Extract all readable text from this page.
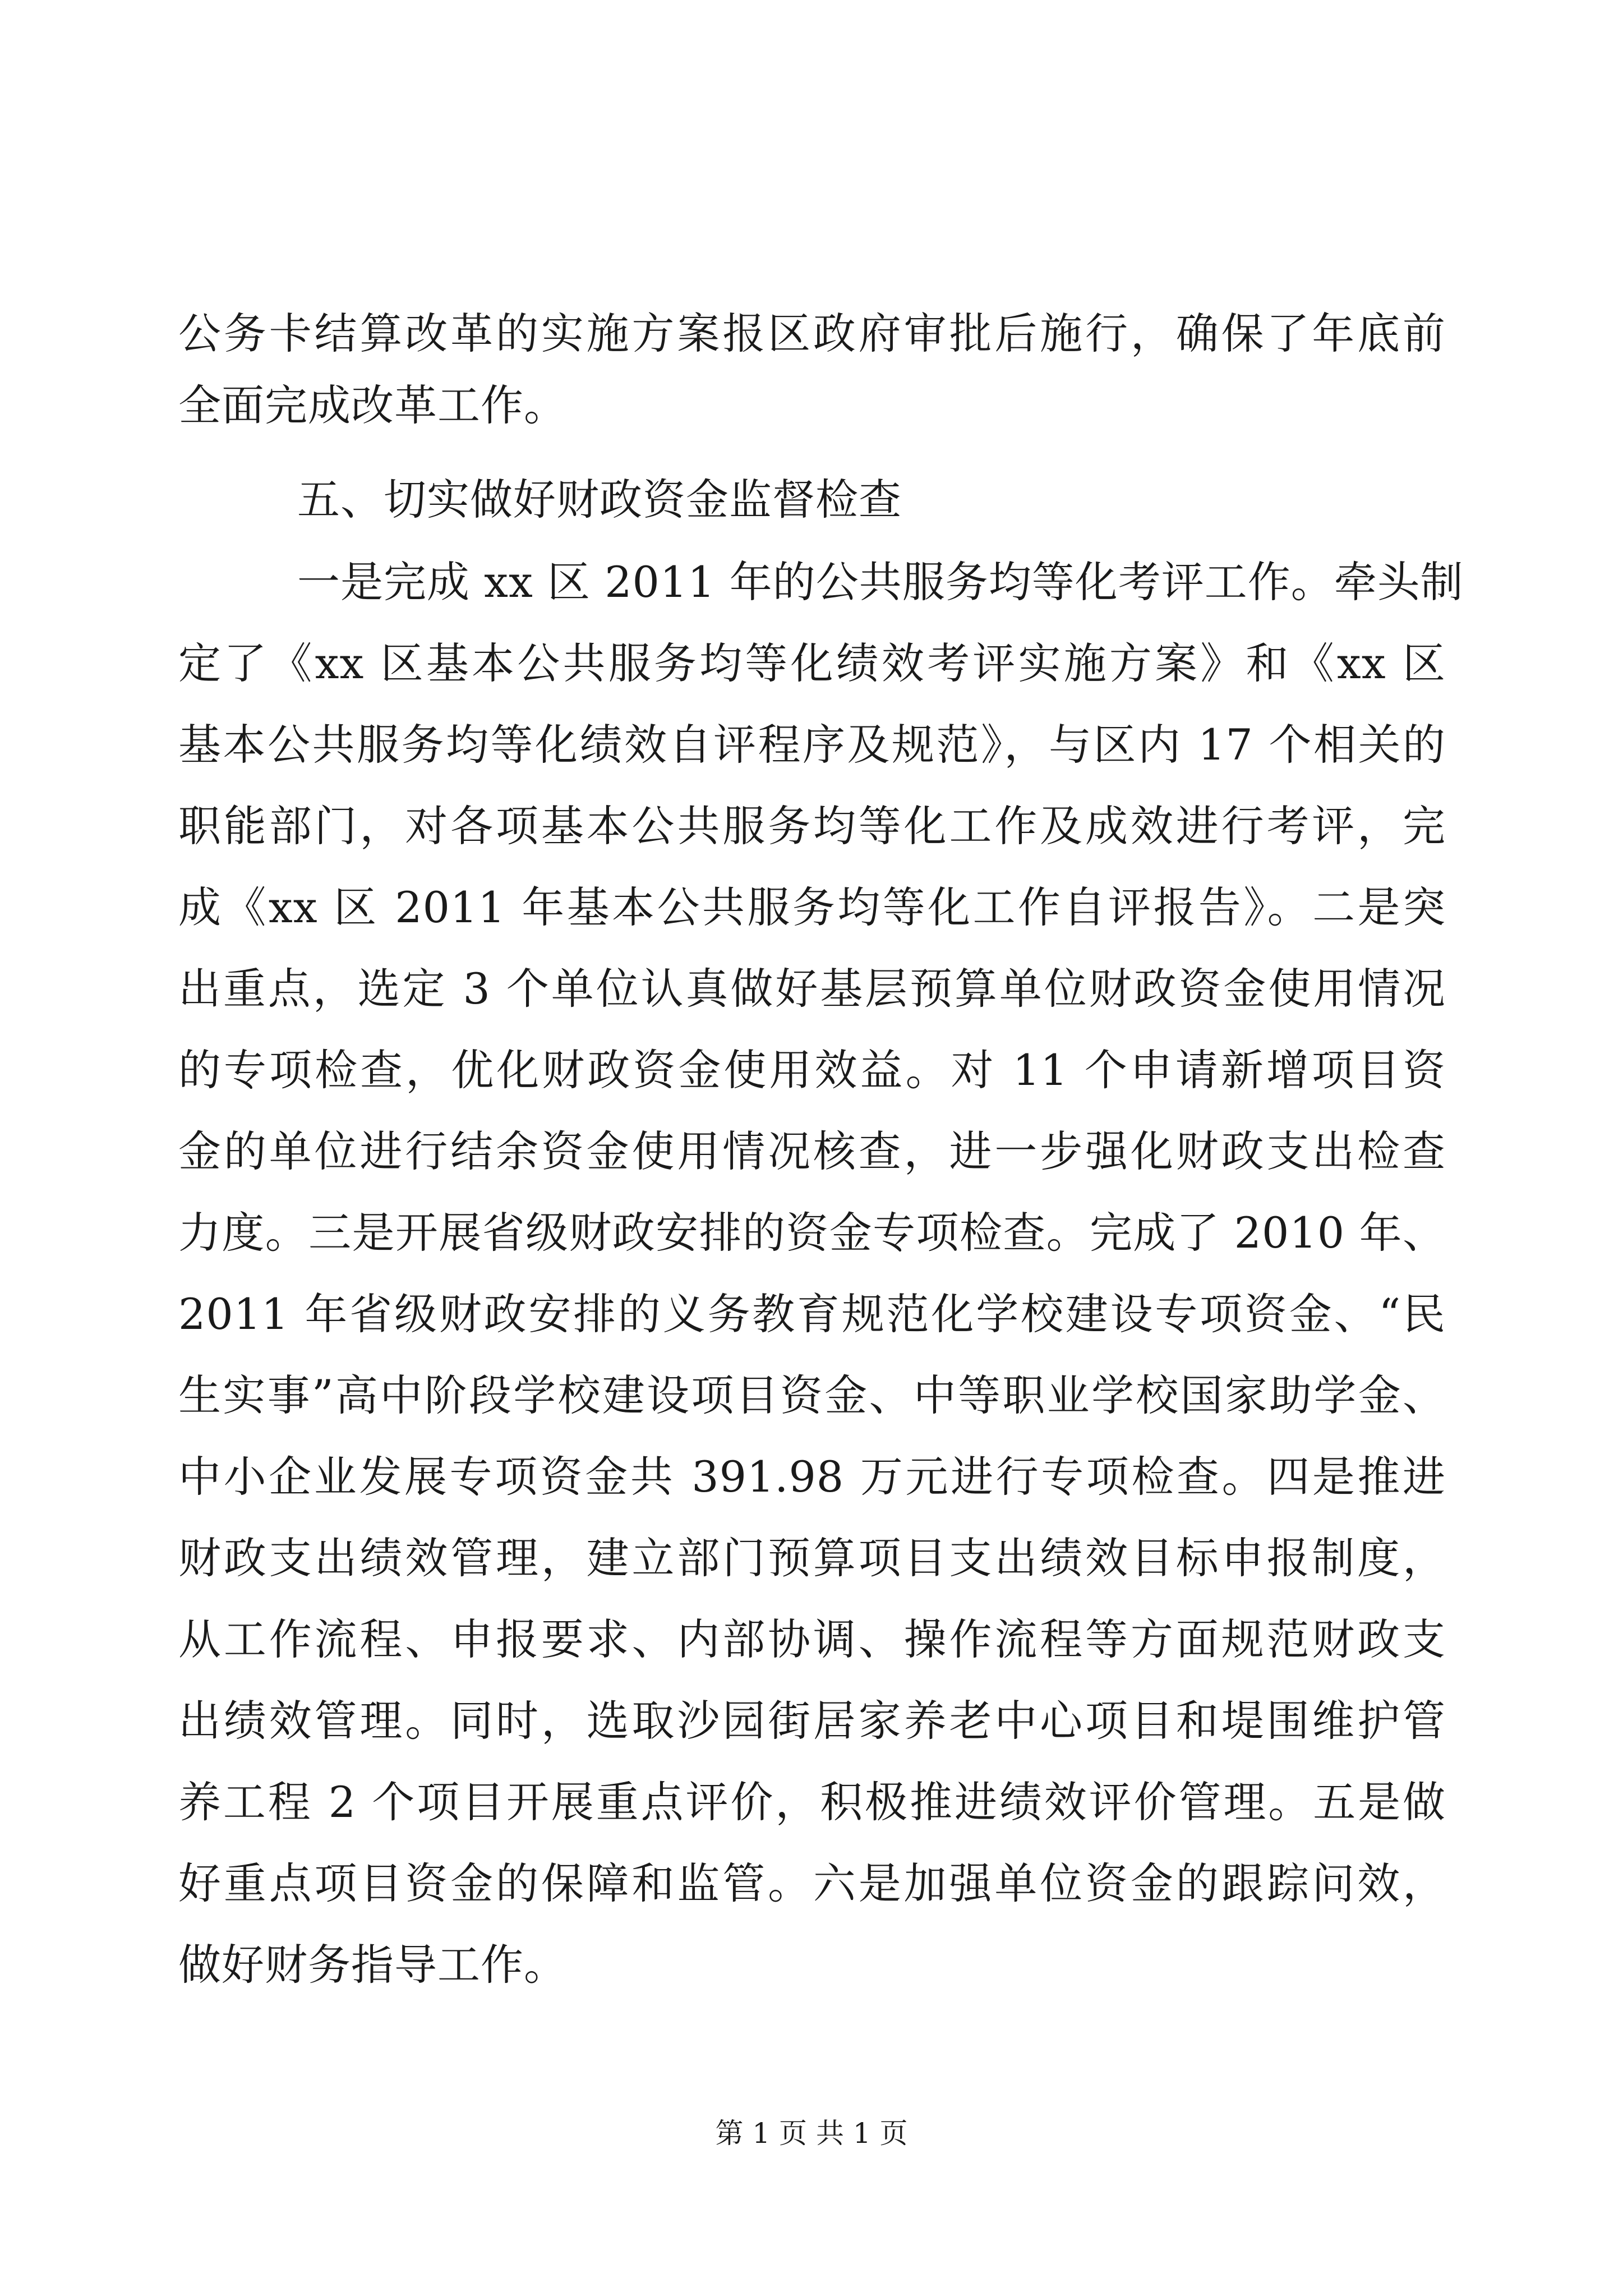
公务卡结算改革的实施方案报区政府审批后施行，确保了年底前
全面完成改革工作。
五、切实做好财政资金监督检查
一是完成 xx 区 2011 年的公共服务均等化考评工作。牵头制
定了《xx 区基本公共服务均等化绩效考评实施方案》和《xx 区
基本公共服务均等化绩效自评程序及规范》，与区内 17 个相关的
职能部门，对各项基本公共服务均等化工作及成效进行考评，完
成《xx 区 2011 年基本公共服务均等化工作自评报告》。二是突
出重点，选定 3 个单位认真做好基层预算单位财政资金使用情况
的专项检查，优化财政资金使用效益。对 11 个申请新增项目资
金的单位进行结余资金使用情况核查，进一步强化财政支出检查
力度。三是开展省级财政安排的资金专项检查。完成了 2010 年、
2011 年省级财政安排的义务教育规范化学校建设专项资金、“民
生实事”高中阶段学校建设项目资金、中等职业学校国家助学金、
中小企业发展专项资金共 391.98 万元进行专项检查。四是推进
财政支出绩效管理，建立部门预算项目支出绩效目标申报制度，
从工作流程、申报要求、内部协调、操作流程等方面规范财政支
出绩效管理。同时，选取沙园街居家养老中心项目和堤围维护管
养工程 2 个项目开展重点评价，积极推进绩效评价管理。五是做
好重点项目资金的保障和监管。六是加强单位资金的跟踪问效，
做好财务指导工作。
第 1 页 共 1 页
